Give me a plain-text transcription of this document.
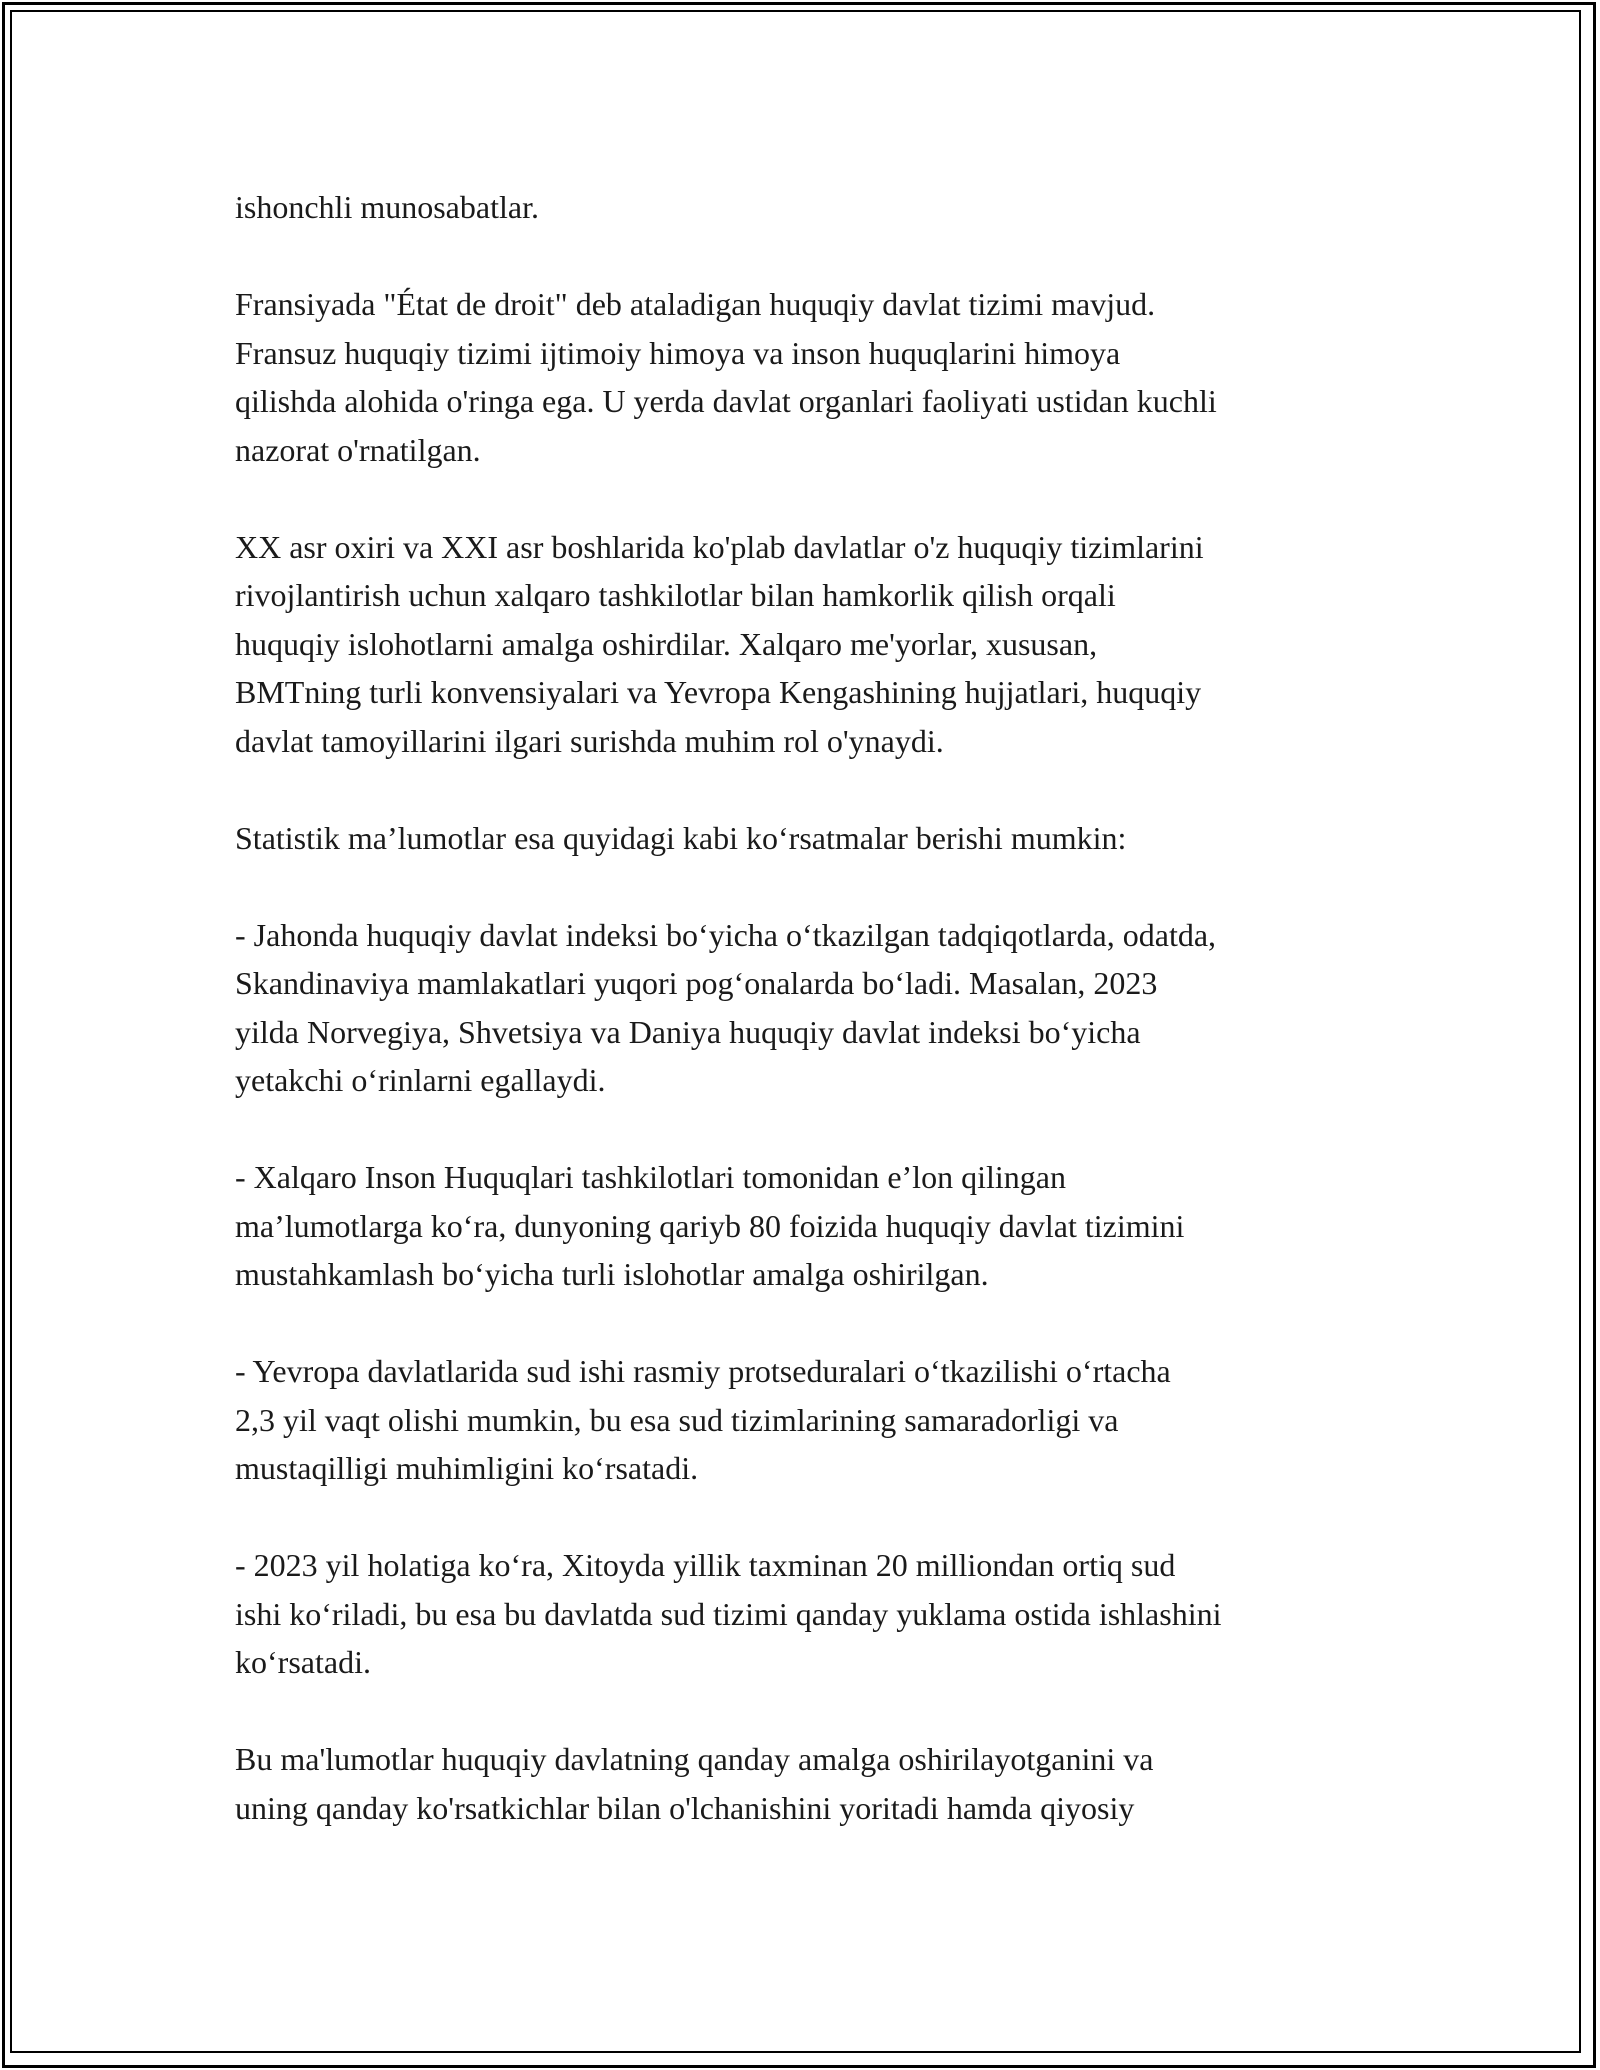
ishonchli munosabatlar.
Fransiyada "État de droit" deb ataladigan huquqiy davlat tizimi mavjud.
Fransuz huquqiy tizimi ijtimoiy himoya va inson huquqlarini himoya
qilishda alohida o'ringa ega. U yerda davlat organlari faoliyati ustidan kuchli
nazorat o'rnatilgan.
XX asr oxiri va XXI asr boshlarida ko'plab davlatlar o'z huquqiy tizimlarini
rivojlantirish uchun xalqaro tashkilotlar bilan hamkorlik qilish orqali
huquqiy islohotlarni amalga oshirdilar. Xalqaro me'yorlar, xususan,
BMTning turli konvensiyalari va Yevropa Kengashining hujjatlari, huquqiy
davlat tamoyillarini ilgari surishda muhim rol o'ynaydi.
Statistik ma’lumotlar esa quyidagi kabi ko‘rsatmalar berishi mumkin:
- Jahonda huquqiy davlat indeksi bo‘yicha o‘tkazilgan tadqiqotlarda, odatda,
Skandinaviya mamlakatlari yuqori pog‘onalarda bo‘ladi. Masalan, 2023
yilda Norvegiya, Shvetsiya va Daniya huquqiy davlat indeksi bo‘yicha
yetakchi o‘rinlarni egallaydi.
- Xalqaro Inson Huquqlari tashkilotlari tomonidan e’lon qilingan
ma’lumotlarga ko‘ra, dunyoning qariyb 80 foizida huquqiy davlat tizimini
mustahkamlash bo‘yicha turli islohotlar amalga oshirilgan.
- Yevropa davlatlarida sud ishi rasmiy protseduralari o‘tkazilishi o‘rtacha
2,3 yil vaqt olishi mumkin, bu esa sud tizimlarining samaradorligi va
mustaqilligi muhimligini ko‘rsatadi.
- 2023 yil holatiga ko‘ra, Xitoyda yillik taxminan 20 milliondan ortiq sud
ishi ko‘riladi, bu esa bu davlatda sud tizimi qanday yuklama ostida ishlashini
ko‘rsatadi.
Bu ma'lumotlar huquqiy davlatning qanday amalga oshirilayotganini va
uning qanday ko'rsatkichlar bilan o'lchanishini yoritadi hamda qiyosiy
